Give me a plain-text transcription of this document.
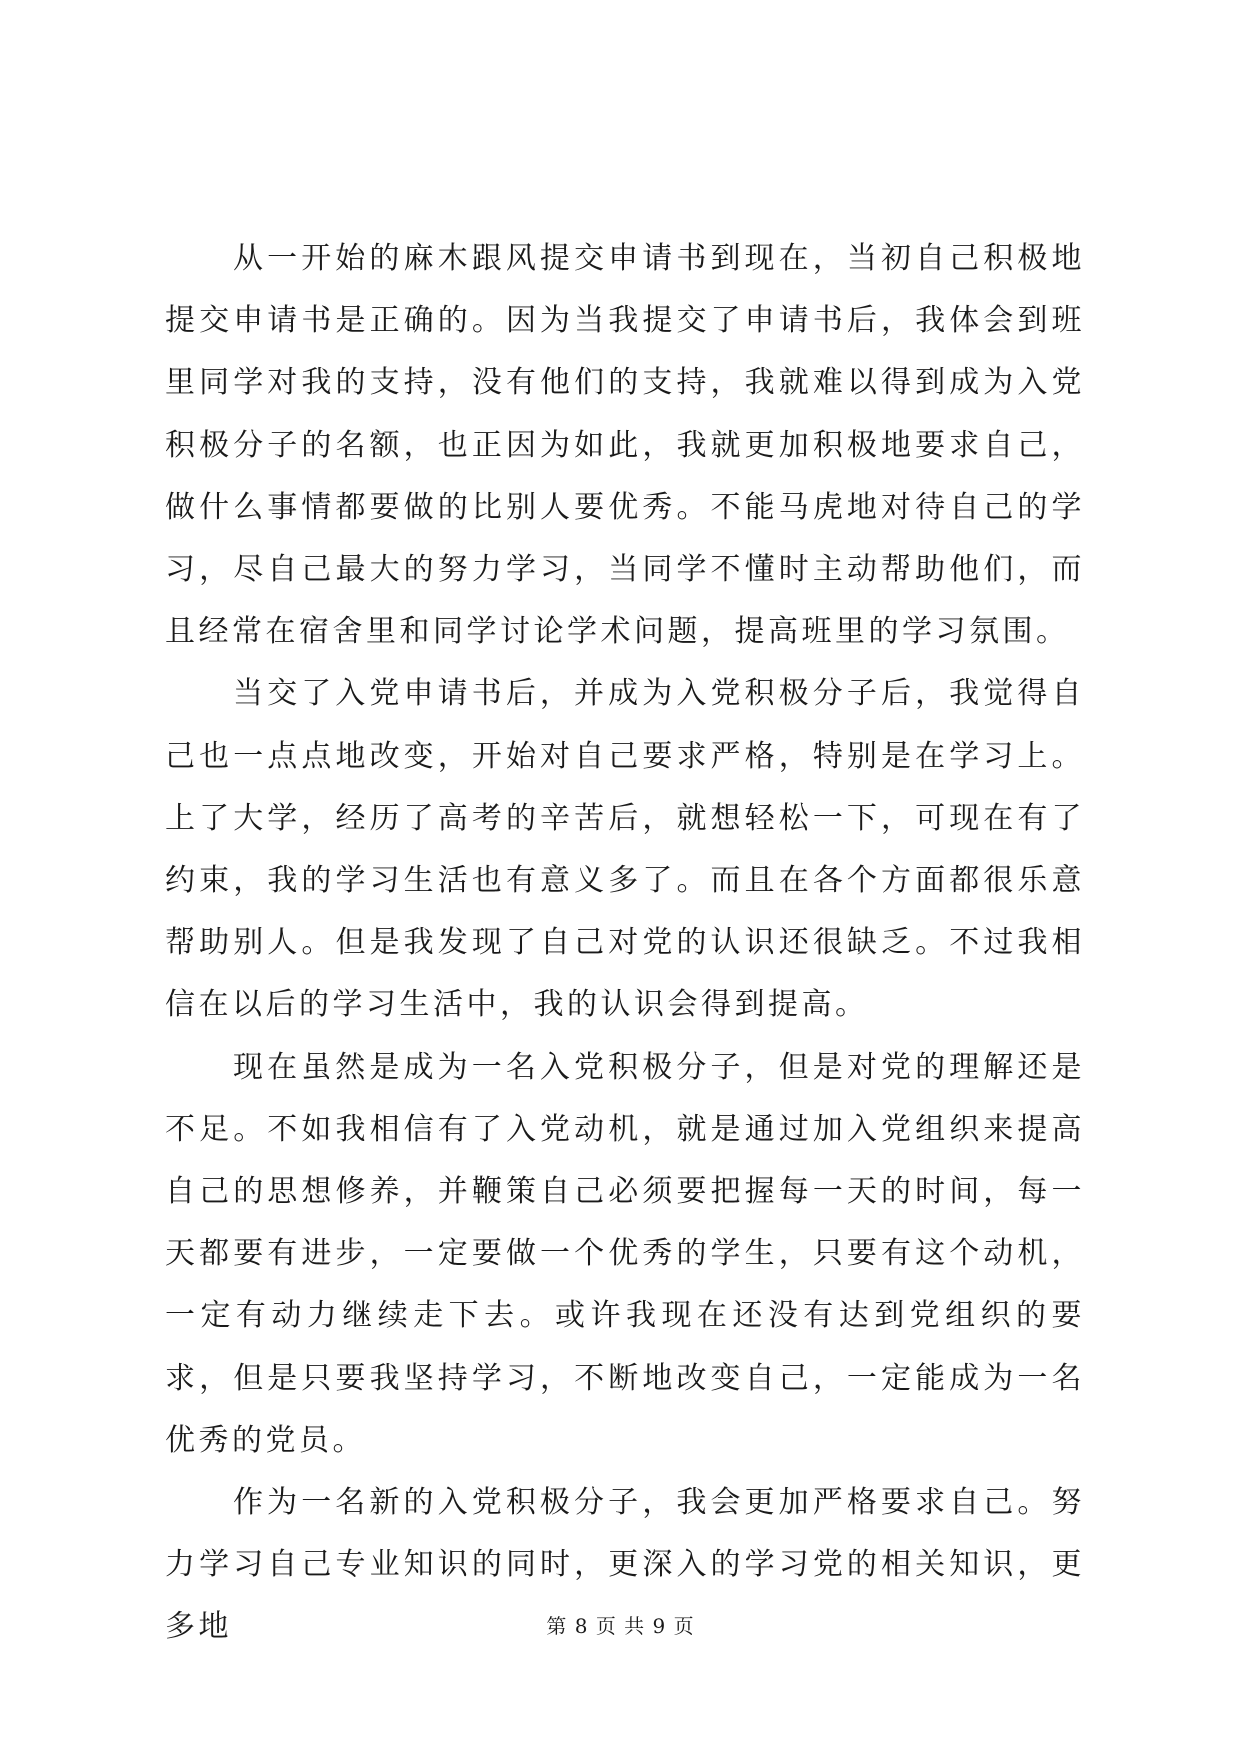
从一开始的麻木跟风提交申请书到现在，当初自己积极地提交申请书是正确的。因为当我提交了申请书后，我体会到班里同学对我的支持，没有他们的支持，我就难以得到成为入党积极分子的名额，也正因为如此，我就更加积极地要求自己，做什么事情都要做的比别人要优秀。不能马虎地对待自己的学习，尽自己最大的努力学习，当同学不懂时主动帮助他们，而且经常在宿舍里和同学讨论学术问题，提高班里的学习氛围。

当交了入党申请书后，并成为入党积极分子后，我觉得自己也一点点地改变，开始对自己要求严格，特别是在学习上。上了大学，经历了高考的辛苦后，就想轻松一下，可现在有了约束，我的学习生活也有意义多了。而且在各个方面都很乐意帮助别人。但是我发现了自己对党的认识还很缺乏。不过我相信在以后的学习生活中，我的认识会得到提高。

现在虽然是成为一名入党积极分子，但是对党的理解还是不足。不如我相信有了入党动机，就是通过加入党组织来提高自己的思想修养，并鞭策自己必须要把握每一天的时间，每一天都要有进步，一定要做一个优秀的学生，只要有这个动机，一定有动力继续走下去。或许我现在还没有达到党组织的要求，但是只要我坚持学习，不断地改变自己，一定能成为一名优秀的党员。

作为一名新的入党积极分子，我会更加严格要求自己。努力学习自己专业知识的同时，更深入的学习党的相关知识，更多地	第 8 页 共 9 页
